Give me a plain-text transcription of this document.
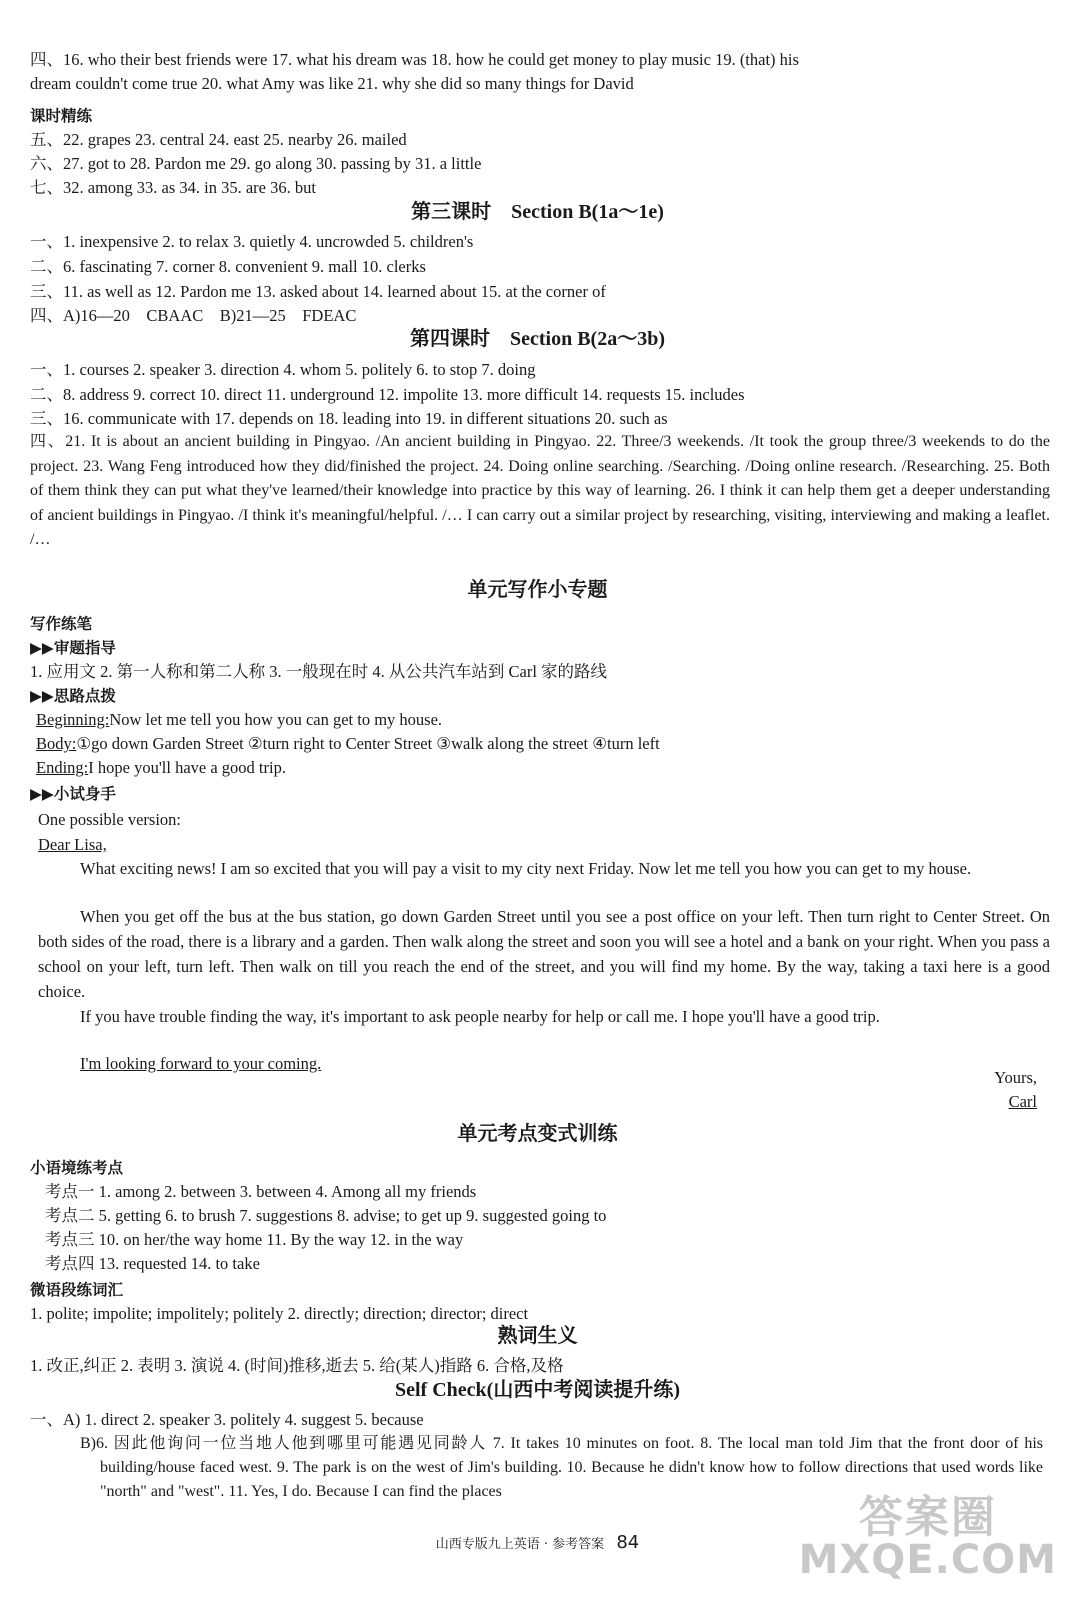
四、16. who their best friends were 17. what his dream was 18. how he could get money to play music 19. (that) his
dream couldn't come true 20. what Amy was like 21. why she did so many things for David
课时精练
五、22. grapes 23. central 24. east 25. nearby 26. mailed
六、27. got to 28. Pardon me 29. go along 30. passing by 31. a little
七、32. among 33. as 34. in 35. are 36. but
第三课时　Section B(1a～1e)
一、1. inexpensive 2. to relax 3. quietly 4. uncrowded 5. children's
二、6. fascinating 7. corner 8. convenient 9. mall 10. clerks
三、11. as well as 12. Pardon me 13. asked about 14. learned about 15. at the corner of
四、A)16—20　CBAAC　B)21—25　FDEAC
第四课时　Section B(2a～3b)
一、1. courses 2. speaker 3. direction 4. whom 5. politely 6. to stop 7. doing
二、8. address 9. correct 10. direct 11. underground 12. impolite 13. more difficult 14. requests 15. includes
三、16. communicate with 17. depends on 18. leading into 19. in different situations 20. such as
四、21. It is about an ancient building in Pingyao. /An ancient building in Pingyao. 22. Three/3 weekends. /It took the group three/3 weekends to do the project. 23. Wang Feng introduced how they did/finished the project. 24. Doing online searching. /Searching. /Doing online research. /Researching. 25. Both of them think they can put what they've learned/their knowledge into practice by this way of learning. 26. I think it can help them get a deeper understanding of ancient buildings in Pingyao. /I think it's meaningful/helpful. /… I can carry out a similar project by researching, visiting, interviewing and making a leaflet. /…
单元写作小专题
写作练笔
▶▶审题指导
1. 应用文 2. 第一人称和第二人称 3. 一般现在时 4. 从公共汽车站到 Carl 家的路线
▶▶思路点拨
Beginning:Now let me tell you how you can get to my house.
Body:①go down Garden Street ②turn right to Center Street ③walk along the street ④turn left
Ending:I hope you'll have a good trip.
▶▶小试身手
One possible version:
Dear Lisa,
What exciting news! I am so excited that you will pay a visit to my city next Friday. Now let me tell you how you can get to my house.
When you get off the bus at the bus station, go down Garden Street until you see a post office on your left. Then turn right to Center Street. On both sides of the road, there is a library and a garden. Then walk along the street and soon you will see a hotel and a bank on your right. When you pass a school on your left, turn left. Then walk on till you reach the end of the street, and you will find my home. By the way, taking a taxi here is a good choice.
If you have trouble finding the way, it's important to ask people nearby for help or call me. I hope you'll have a good trip.
I'm looking forward to your coming.
Yours,
Carl
单元考点变式训练
小语境练考点
考点一 1. among 2. between 3. between 4. Among all my friends
考点二 5. getting 6. to brush 7. suggestions 8. advise; to get up 9. suggested going to
考点三 10. on her/the way home 11. By the way 12. in the way
考点四 13. requested 14. to take
微语段练词汇
1. polite; impolite; impolitely; politely 2. directly; direction; director; direct
熟词生义
1. 改正,纠正 2. 表明 3. 演说 4. (时间)推移,逝去 5. 给(某人)指路 6. 合格,及格
Self Check(山西中考阅读提升练)
一、A) 1. direct 2. speaker 3. politely 4. suggest 5. because
B)6. 因此他询问一位当地人他到哪里可能遇见同龄人 7. It takes 10 minutes on foot. 8. The local man told Jim that the front door of his building/house faced west. 9. The park is on the west of Jim's building. 10. Because he didn't know how to follow directions that used words like "north" and "west". 11. Yes, I do. Because I can find the places
山西专版九上英语 · 参考答案 84	答案圈
MXQE.COM
